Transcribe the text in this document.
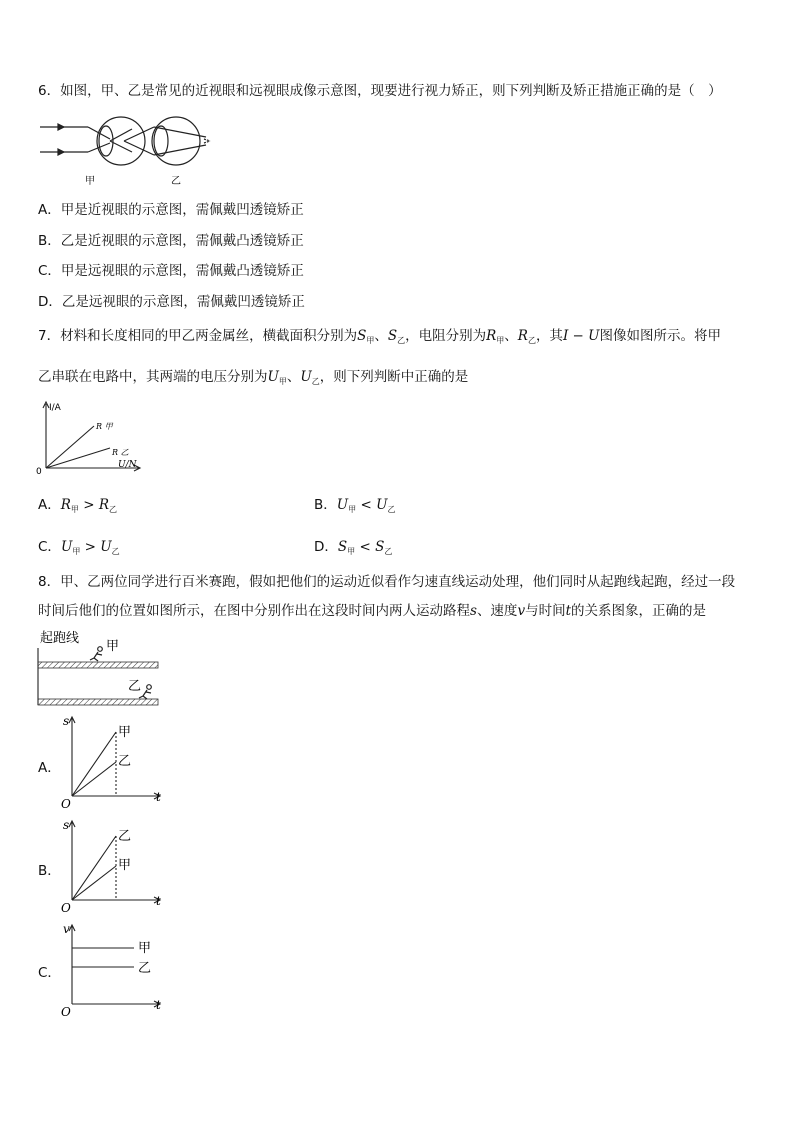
6．如图，甲、乙是常见的近视眼和远视眼成像示意图，现要进行视力矫正，则下列判断及矫正措施正确的是（　）
甲	乙
A．甲是近视眼的示意图，需佩戴凹透镜矫正
B．乙是近视眼的示意图，需佩戴凸透镜矫正
C．甲是远视眼的示意图，需佩戴凸透镜矫正
D．乙是远视眼的示意图，需佩戴凹透镜矫正
7．材料和长度相同的甲乙两金属丝，横截面积分别为$S_甲$、$S_乙$，电阻分别为$R_甲$、$R_乙$，其I − U图像如图所示。将甲
乙串联在电路中，其两端的电压分别为$U_甲$、$U_乙$，则下列判断中正确的是
I/A
U/N
0
R 甲
R 乙
A．$R_甲 > R_乙$	B．$U_甲 < U_乙$
C．$U_甲 > U_乙$	D．$S_甲 < S_乙$
8．甲、乙两位同学进行百米赛跑，假如把他们的运动近似看作匀速直线运动处理，他们同时从起跑线起跑，经过一段
时间后他们的位置如图所示，在图中分别作出在这段时间内两人运动路程s、速度v与时间t的关系图象，正确的是
起跑线
甲
乙
A．
s
t
O
甲
乙
B．
s
t
O
乙
甲
C．
v
t
O
甲
乙
